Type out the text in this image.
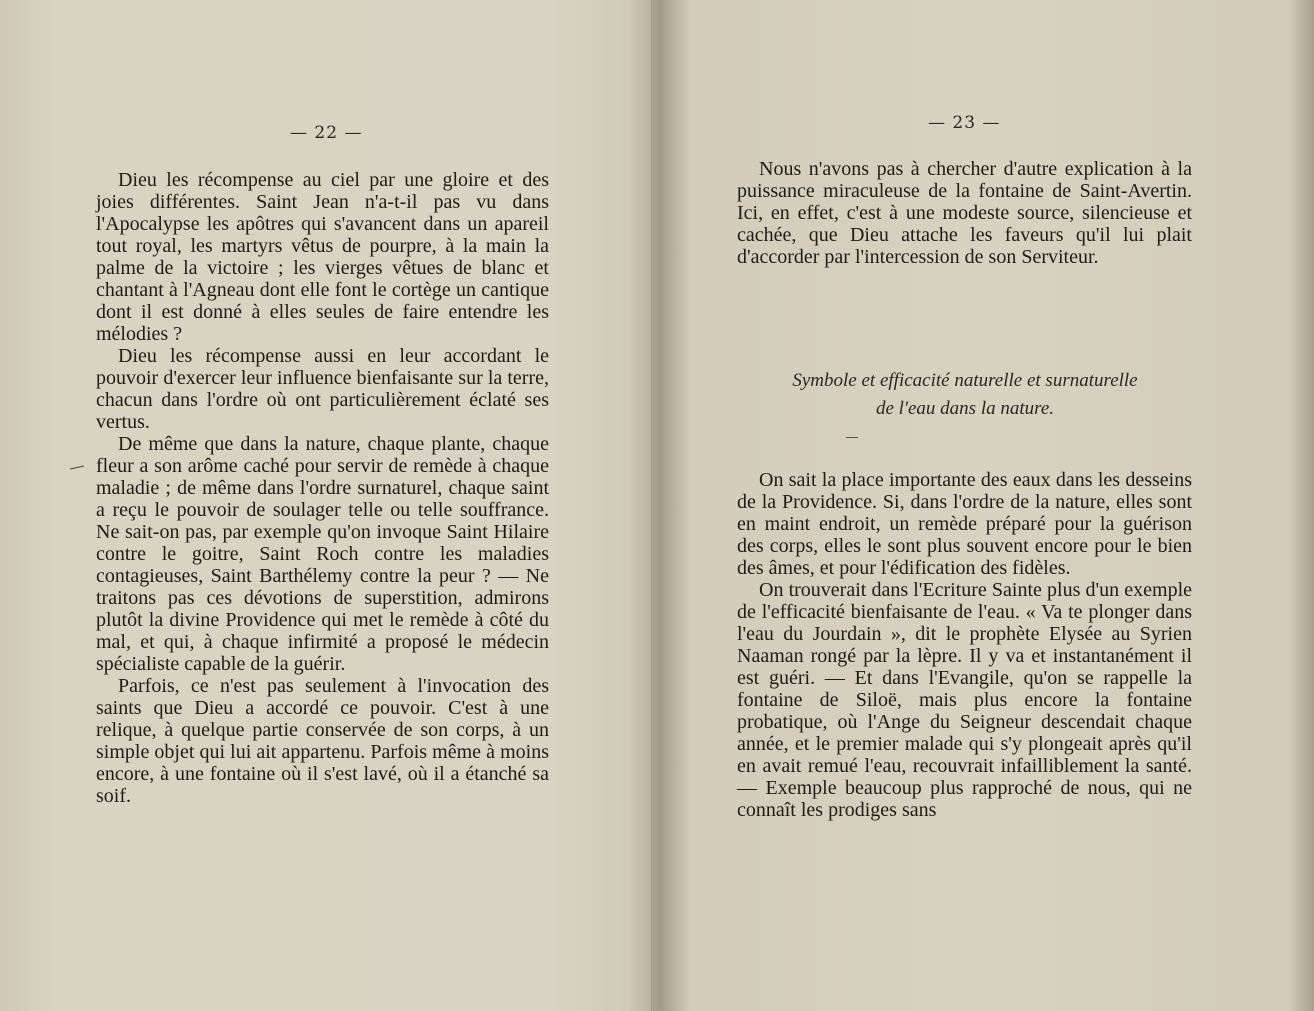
— 22 —

Dieu les récompense au ciel par une gloire et des joies différentes. Saint Jean n'a-t-il pas vu dans l'Apocalypse les apôtres qui s'avancent dans un apareil tout royal, les martyrs vêtus de pourpre, à la main la palme de la victoire ; les vierges vêtues de blanc et chantant à l'Agneau dont elle font le cortège un cantique dont il est donné à elles seules de faire entendre les mélodies ?

Dieu les récompense aussi en leur accordant le pouvoir d'exercer leur influence bienfaisante sur la terre, chacun dans l'ordre où ont particulièrement éclaté ses vertus.

De même que dans la nature, chaque plante, chaque fleur a son arôme caché pour servir de remède à chaque maladie ; de même dans l'ordre surnaturel, chaque saint a reçu le pouvoir de soulager telle ou telle souffrance. Ne sait-on pas, par exemple qu'on invoque Saint Hilaire contre le goitre, Saint Roch contre les maladies contagieuses, Saint Barthélemy contre la peur ? — Ne traitons pas ces dévotions de superstition, admirons plutôt la divine Providence qui met le remède à côté du mal, et qui, à chaque infirmité a proposé le médecin spécialiste capable de la guérir.

Parfois, ce n'est pas seulement à l'invocation des saints que Dieu a accordé ce pouvoir. C'est à une relique, à quelque partie conservée de son corps, à un simple objet qui lui ait appartenu. Parfois même à moins encore, à une fontaine où il s'est lavé, où il a étanché sa soif.

— 23 —

Nous n'avons pas à chercher d'autre explication à la puissance miraculeuse de la fontaine de Saint-Avertin. Ici, en effet, c'est à une modeste source, silencieuse et cachée, que Dieu attache les faveurs qu'il lui plait d'accorder par l'intercession de son Serviteur.

Symbole et efficacité naturelle et surnaturelle
de l'eau dans la nature.

On sait la place importante des eaux dans les desseins de la Providence. Si, dans l'ordre de la nature, elles sont en maint endroit, un remède préparé pour la guérison des corps, elles le sont plus souvent encore pour le bien des âmes, et pour l'édification des fidèles.

On trouverait dans l'Ecriture Sainte plus d'un exemple de l'efficacité bienfaisante de l'eau. « Va te plonger dans l'eau du Jourdain », dit le prophète Elysée au Syrien Naaman rongé par la lèpre. Il y va et instantanément il est guéri. — Et dans l'Evangile, qu'on se rappelle la fontaine de Siloë, mais plus encore la fontaine probatique, où l'Ange du Seigneur descendait chaque année, et le premier malade qui s'y plongeait après qu'il en avait remué l'eau, recouvrait infailliblement la santé. — Exemple beaucoup plus rapproché de nous, qui ne connaît les prodiges sans
